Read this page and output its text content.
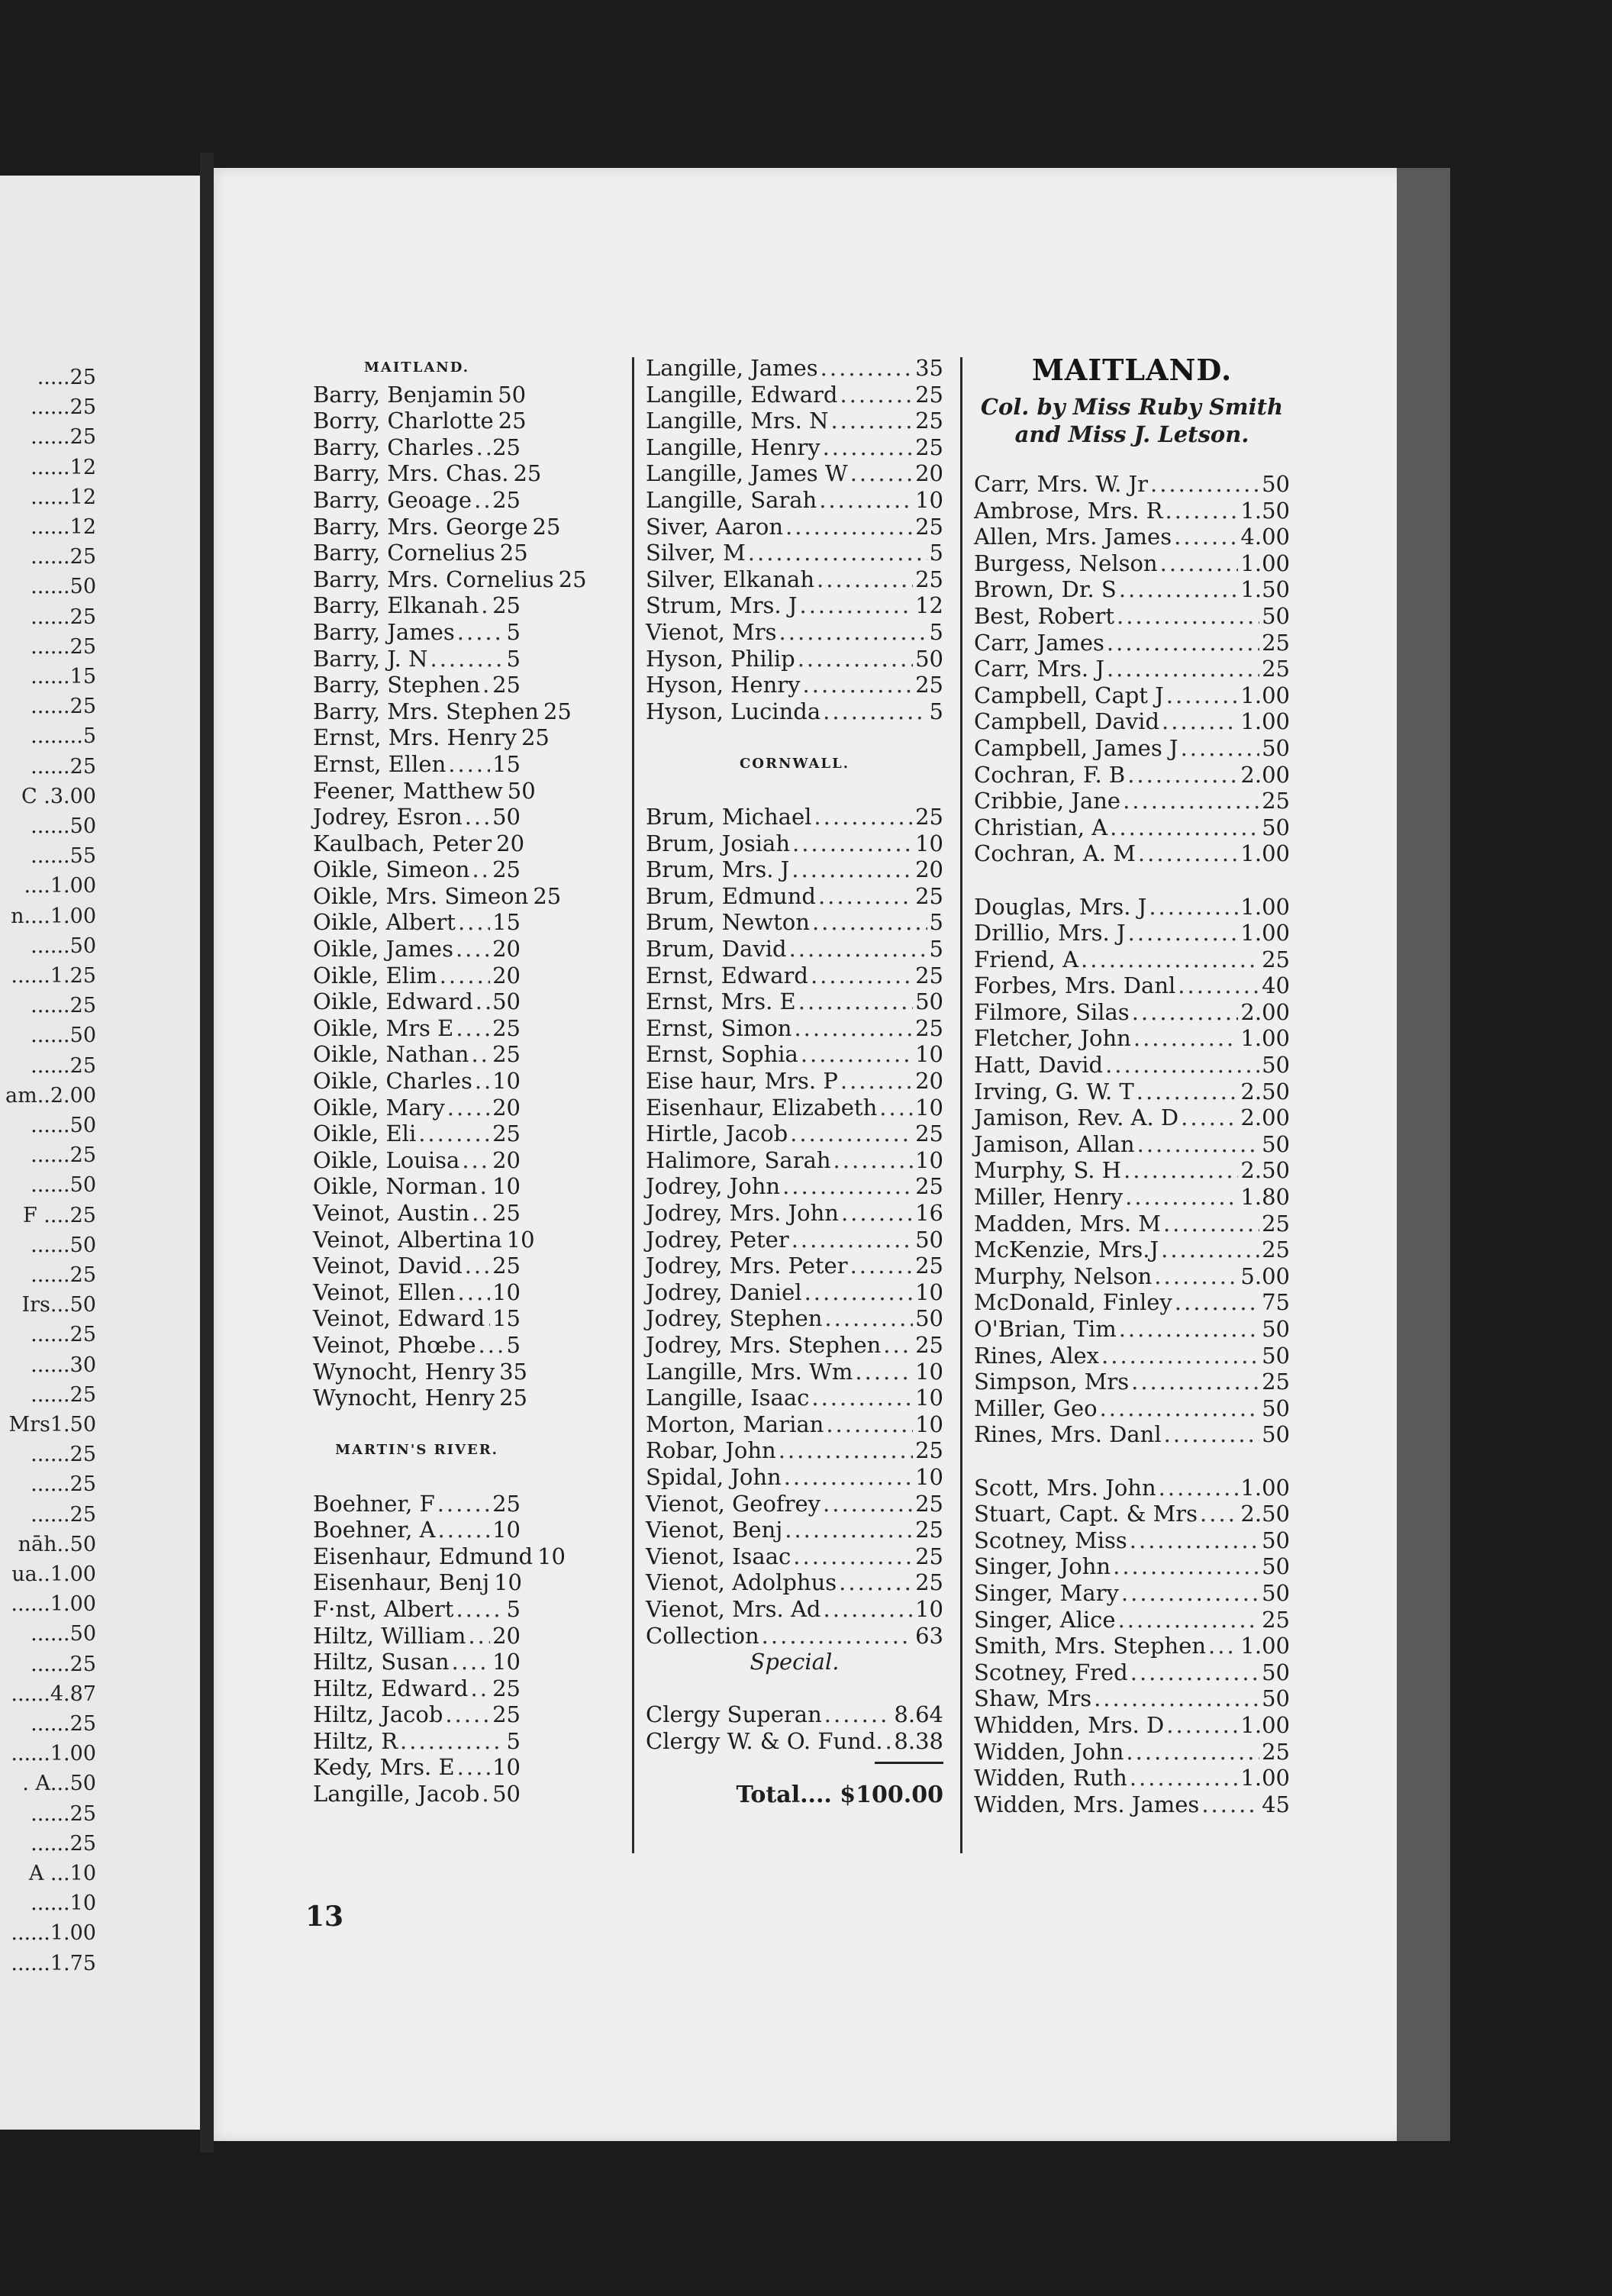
.....25
......25
......25
......12
......12
......12
......25
......50
......25
......25
......15
......25
........5
......25
C .3.00
......50
......55
....1.00
n....1.00
......50
......1.25
......25
......50
......25
am..2.00
......50
......25
......50
F ....25
......50
......25
Irs...50
......25
......30
......25
Mrs1.50
......25
......25
......25
nāh..50
ua..1.00
......1.00
......50
......25
......4.87
......25
......1.00
. A...50
......25
......25
A ...10
......10
......1.00
......1.75
MAITLAND.
Barry, Benjamin 50
Borry, Charlotte 25
Barry, Charles ..... 25
Barry, Mrs. Chas. 25
Barry, Geoage ..... 25
Barry, Mrs. George 25
Barry, Cornelius 25
Barry, Mrs. Cornelius 25
Barry, Elkanah ..... 25
Barry, James ..... 5
Barry, J. N .....	5
Barry, Stephen ..... 25
Barry, Mrs. Stephen 25
Ernst, Mrs. Henry 25
Ernst, Ellen ..... 15
Feener, Matthew 50
Jodrey, Esron ..... 50
Kaulbach, Peter 20
Oikle, Simeon ..... 25
Oikle, Mrs. Simeon 25
Oikle, Albert ..... 15
Oikle, James ..... 20
Oikle, Elim ..... 20
Oikle, Edward ..... 50
Oikle, Mrs E ..... 25
Oikle, Nathan ..... 25
Oikle, Charles ..... 10
Oikle, Mary ..... 20
Oikle, Eli .....	25
Oikle, Louisa ..... 20
Oikle, Norman ..... 10
Veinot, Austin ..... 25
Veinot, Albertina 10
Veinot, David ..... 25
Veinot, Ellen ..... 10
Veinot, Edward ..... 15
Veinot, Phœbe ..... 5
Wynocht, Henry 35
Wynocht, Henry 25
MARTIN'S RIVER.
Boehner, F .....	25
Boehner, A .....	10
Eisenhaur, Edmund 10
Eisenhaur, Benj 10
F·nst, Albert ..... 5
Hiltz, William ..... 20
Hiltz, Susan ..... 10
Hiltz, Edward ..... 25
Hiltz, Jacob ..... 25
Hiltz, R .....	5
Kedy, Mrs. E ..... 10
Langille, Jacob ..... 50
Langille, James .....	35
Langille, Edward .....	25
Langille, Mrs. N .....	25
Langille, Henry .....	25
Langille, James W .....	20
Langille, Sarah .....	10
Siver, Aaron .....	25
Silver, M .....	5
Silver, Elkanah .....	25
Strum, Mrs. J .....	12
Vienot, Mrs .....	5
Hyson, Philip .....	50
Hyson, Henry .....	25
Hyson, Lucinda .....	5
CORNWALL.
Brum, Michael .....	25
Brum, Josiah .....	10
Brum, Mrs. J .....	20
Brum, Edmund .....	25
Brum, Newton .....	5
Brum, David .....	5
Ernst, Edward .....	25
Ernst, Mrs. E .....	50
Ernst, Simon .....	25
Ernst, Sophia .....	10
Eise haur, Mrs. P .....	20
Eisenhaur, Elizabeth ..... 10
Hirtle, Jacob .....	25
Halimore, Sarah .....	10
Jodrey, John .....	25
Jodrey, Mrs. John .....	16
Jodrey, Peter .....	50
Jodrey, Mrs. Peter .....	25
Jodrey, Daniel .....	10
Jodrey, Stephen .....	50
Jodrey, Mrs. Stephen ..... 25
Langille, Mrs. Wm .....	10
Langille, Isaac .....	10
Morton, Marian .....	10
Robar, John .....	25
Spidal, John .....	10
Vienot, Geofrey .....	25
Vienot, Benj .....	25
Vienot, Isaac .....	25
Vienot, Adolphus .....	25
Vienot, Mrs. Ad .....	10
Collection .....	63
Special.
Clergy Superan .....	8.64
Clergy W. & O. Fund. ..... 8.38
Total.... $100.00
MAITLAND.
Col. by Miss Ruby Smith
and Miss J. Letson.
Carr, Mrs. W. Jr .....	50
Ambrose, Mrs. R .....	1.50
Allen, Mrs. James .....	4.00
Burgess, Nelson .....	1.00
Brown, Dr. S .....	1.50
Best, Robert .....	50
Carr, James .....	25
Carr, Mrs. J .....	25
Campbell, Capt J .....	1.00
Campbell, David .....	1.00
Campbell, James J .....	50
Cochran, F. B .....	2.00
Cribbie, Jane .....	25
Christian, A .....	50
Cochran, A. M .....	1.00
Douglas, Mrs. J .....	1.00
Drillio, Mrs. J .....	1.00
Friend, A .....	25
Forbes, Mrs. Danl .....	40
Filmore, Silas .....	2.00
Fletcher, John .....	1.00
Hatt, David .....	50
Irving, G. W. T .....	2.50
Jamison, Rev. A. D .....	2.00
Jamison, Allan .....	50
Murphy, S. H .....	2.50
Miller, Henry .....	1.80
Madden, Mrs. M .....	25
McKenzie, Mrs.J .....	25
Murphy, Nelson .....	5.00
McDonald, Finley .....	75
O'Brian, Tim .....	50
Rines, Alex .....	50
Simpson, Mrs .....	25
Miller, Geo .....	50
Rines, Mrs. Danl .....	50
Scott, Mrs. John .....	1.00
Stuart, Capt. & Mrs ..... 2.50
Scotney, Miss .....	50
Singer, John .....	50
Singer, Mary .....	50
Singer, Alice .....	25
Smith, Mrs. Stephen ..... 1.00
Scotney, Fred .....	50
Shaw, Mrs .....	50
Whidden, Mrs. D .....	1.00
Widden, John .....	25
Widden, Ruth .....	1.00
Widden, Mrs. James .....	45
13
